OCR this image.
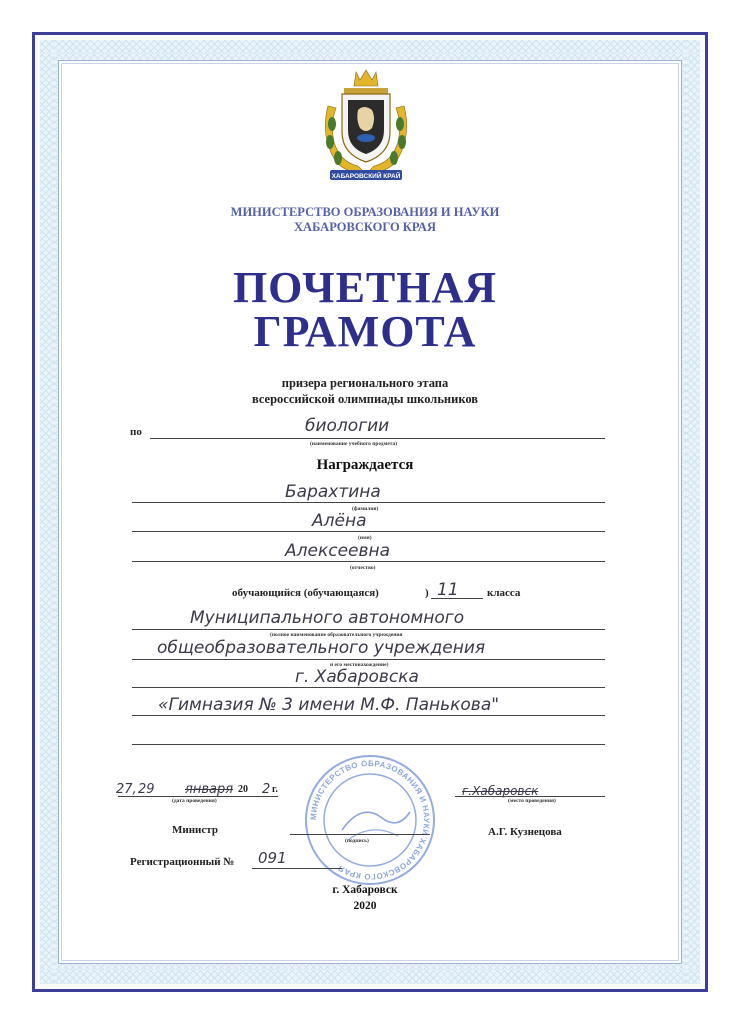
ХАБАРОВСКИЙ КРАЙ
МИНИСТЕРСТВО ОБРАЗОВАНИЯ И НАУКИ
ХАБАРОВСКОГО КРАЯ
ПОЧЕТНАЯ
ГРАМОТА
призера регионального этапа
всероссийской олимпиады школьников
по	биологии
(наименование учебного предмета)
Награждается
Барахтина
(фамилия)
Алёна
(имя)
Алексеевна
(отчество)
обучающийся (обучающаяся)	) 11	класса
Муниципального автономного
(полное наименование образовательного учреждения
общеобразовательного учреждения
и его местонахождение)
г. Хабаровска
«Гимназия № 3 имени М.Ф. Панькова"
МИНИСТЕРСТВО ОБРАЗОВАНИЯ И НАУКИ ХАБАРОВСКОГО КРАЯ
27, 29 января 20 2 г.
(дата проведения)
г.Хабаровск
(место проведения)
Министр
(подпись)
А.Г. Кузнецова
Регистрационный № 091
г. Хабаровск
2020
